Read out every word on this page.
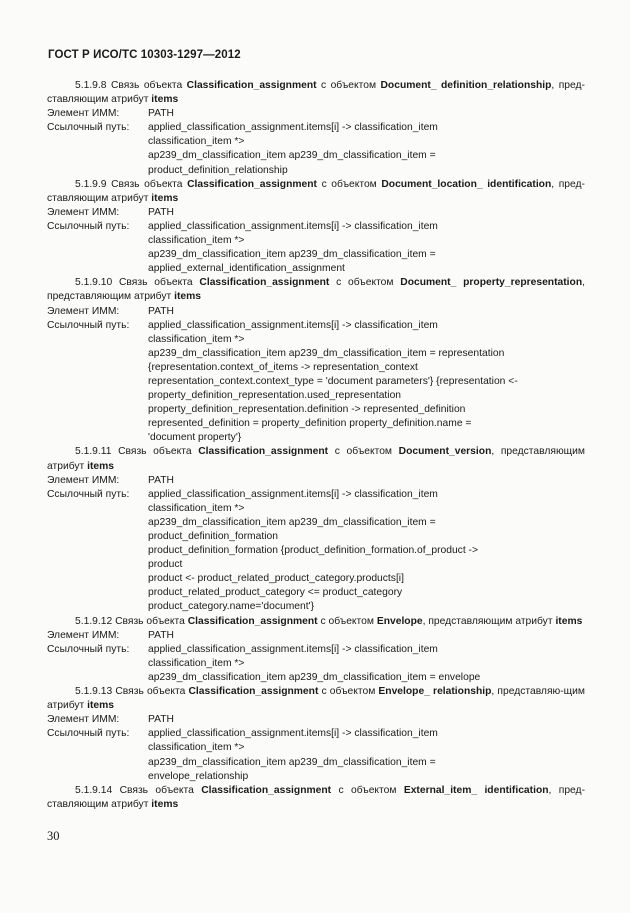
ГОСТ Р ИСО/ТС 10303-1297—2012
5.1.9.8 Связь объекта Classification_assignment с объектом Document_ definition_relationship, пред-ставляющим атрибут items
Элемент ИММ:	PATH
Ссылочный путь:	applied_classification_assignment.items[i] -> classification_item
classification_item *>
ap239_dm_classification_item ap239_dm_classification_item =
product_definition_relationship
5.1.9.9 Связь объекта Classification_assignment с объектом Document_location_ identification, пред-ставляющим атрибут items
Элемент ИММ:	PATH
Ссылочный путь:	applied_classification_assignment.items[i] -> classification_item
classification_item *>
ap239_dm_classification_item ap239_dm_classification_item =
applied_external_identification_assignment
5.1.9.10 Связь объекта Classification_assignment с объектом Document_ property_representation, представляющим атрибут items
Элемент ИММ:	PATH
Ссылочный путь:	applied_classification_assignment.items[i] -> classification_item
classification_item *>
ap239_dm_classification_item ap239_dm_classification_item = representation
{representation.context_of_items -> representation_context
representation_context.context_type = 'document parameters'} {representation <-
property_definition_representation.used_representation
property_definition_representation.definition -> represented_definition
represented_definition = property_definition property_definition.name =
'document property'}
5.1.9.11 Связь объекта Classification_assignment с объектом Document_version, представляющим атрибут items
Элемент ИММ:	PATH
Ссылочный путь:	applied_classification_assignment.items[i] -> classification_item
classification_item *>
ap239_dm_classification_item ap239_dm_classification_item =
product_definition_formation
product_definition_formation {product_definition_formation.of_product ->
product
product <- product_related_product_category.products[i]
product_related_product_category <= product_category
product_category.name='document'}
5.1.9.12 Связь объекта Classification_assignment с объектом Envelope, представляющим атрибут items
Элемент ИММ:	PATH
Ссылочный путь:	applied_classification_assignment.items[i] -> classification_item
classification_item *>
ap239_dm_classification_item ap239_dm_classification_item = envelope
5.1.9.13 Связь объекта Classification_assignment с объектом Envelope_ relationship, представляю-щим атрибут items
Элемент ИММ:	PATH
Ссылочный путь:	applied_classification_assignment.items[i] -> classification_item
classification_item *>
ap239_dm_classification_item ap239_dm_classification_item =
envelope_relationship
5.1.9.14 Связь объекта Classification_assignment с объектом External_item_ identification, пред-ставляющим атрибут items
30
